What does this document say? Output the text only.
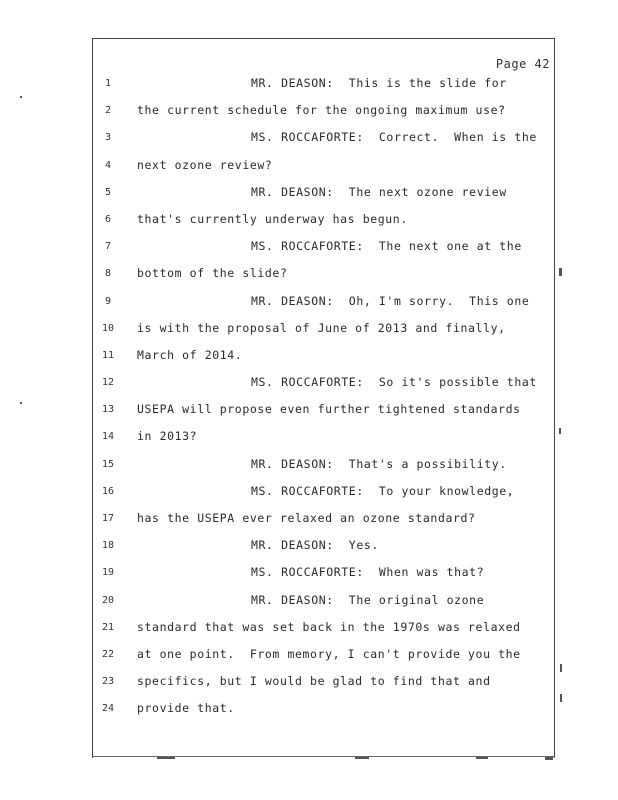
Page 42
1	MR. DEASON:  This is the slide for
2	the current schedule for the ongoing maximum use?
3	MS. ROCCAFORTE:  Correct.  When is the
4	next ozone review?
5	MR. DEASON:  The next ozone review
6	that's currently underway has begun.
7	MS. ROCCAFORTE:  The next one at the
8	bottom of the slide?
9	MR. DEASON:  Oh, I'm sorry.  This one
10 is with the proposal of June of 2013 and finally,
11 March of 2014.
12	MS. ROCCAFORTE:  So it's possible that
13 USEPA will propose even further tightened standards
14 in 2013?
15	MR. DEASON:  That's a possibility.
16	MS. ROCCAFORTE:  To your knowledge,
17 has the USEPA ever relaxed an ozone standard?
18	MR. DEASON:  Yes.
19	MS. ROCCAFORTE:  When was that?
20	MR. DEASON:  The original ozone
21 standard that was set back in the 1970s was relaxed
22 at one point.  From memory, I can't provide you the
23 specifics, but I would be glad to find that and
24 provide that.
